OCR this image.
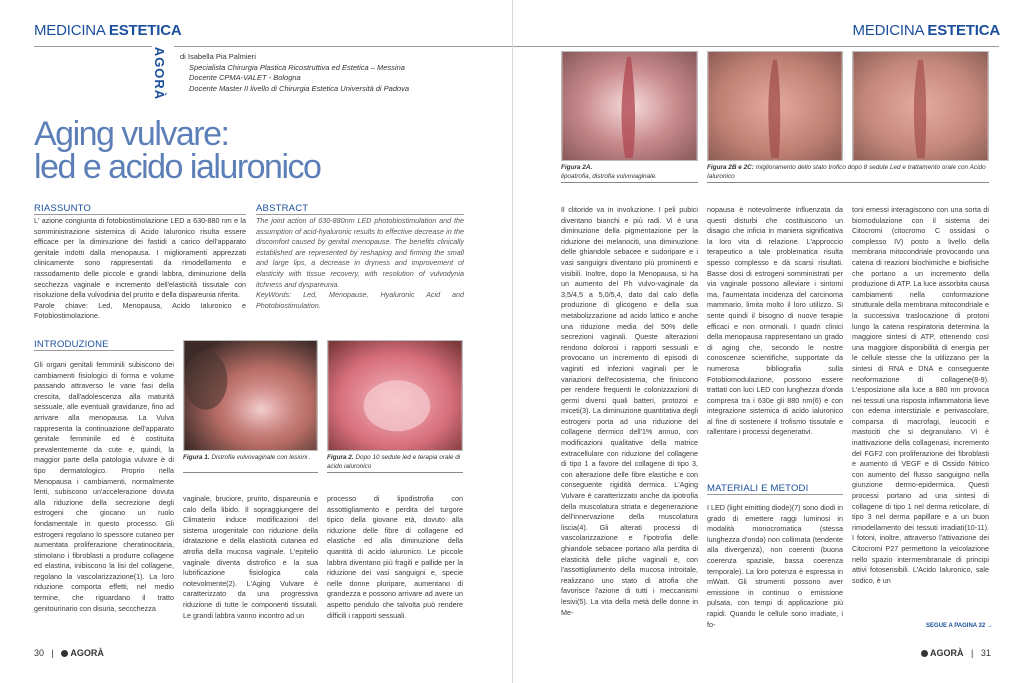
MEDICINA ESTETICA
AGORÀ di Isabella Pia Palmieri
Specialista Chirurgia Plastica Ricostruttiva ed Estetica – Messina
Docente CPMA-VALET - Bologna
Docente Master II livello di Chirurgia Estetica Università di Padova
Aging vulvare:
led e acido ialuronico
RIASSUNTO

L' azione congiunta di fotobiostimolazione LED a 630-880 nm e la somministrazione sistemica di Acido Ialuronico risulta essere efficace per la diminuzione dei fastidi a carico dell'apparato genitale indotti dalla menopausa. I miglioramenti apprezzati clinicamente sono rappresentati da rimodellamento e rassodamento delle piccole e grandi labbra, diminuzione della secchezza vaginale e incremento dell'elasticità tissutale con risoluzione della vulvodinia del prurito e della dispareunia riferita.

Parole chiave: Led, Menopausa, Acido Ialuronico e Fotobiostimolazione.

ABSTRACT

The joint action of 630-880nm LED photobiostimulation and the assumption of acid-hyaluronic results to effective decrease in the discomfort caused by genital menopause. The benefits clinically established are represented by reshaping and firming the small and large lips, a decrease in dryness and improvement of elasticity with tissue recovery, with resolution of vulvodynia itchness and dyspareunia.

KeyWords: Led, Menopause, Hyaluronic Acid and Photobiostimulation.

INTRODUZIONE
Figura 1. Distrofia vulvovaginale con lesioni .	Figura 2. Dopo 10 sedute led e terapia orale di acido ialuronico
Gli organi genitali femminili subiscono dei cambiamenti fisiologici di forma e volume passando attraverso le varie fasi della crescita, dall'adolescenza alla maturità sessuale, alle eventuali gravidanze, fino ad arrivare alla menopausa. La Vulva rappresenta la continuazione dell'apparato genitale femminile ed è costituita prevalentemente da cute e, quindi, la maggior parte della patologia vulvare è di tipo dermatologico. Proprio nella Menopausa i cambiamenti, normalmente lenti, subiscono un'accelerazione dovuta alla riduzione della secrezione degli estrogeni che giocano un ruolo fondamentale in questo processo. Gli estrogeni regolano lo spessore cutaneo per aumentata proliferazione cheratinocitaria, stimolano i fibroblasti a produrre collagene ed elastina, inibiscono la lisi del collagene, regolano la vascolarizzazione(1). La loro riduzione comporta effetti, nel medio termine, che riguardano il tratto genitourinario con disuria, seccchezza
vaginale, bruciore, prurito, dispareunia e calo della libido. Il sopraggiungere del Climaterio induce modificazioni del sistema urogenitale con riduzione della idratazione e della elasticità cutanea ed atrofia della mucosa vaginale. L'epitelio vaginale diventa distrofico e la sua lubrificazione fisiologica cala notevolmente(2). L'Aging Vulvare è caratterizzato da una progressiva riduzione di tutte le componenti tissutali. Le grandi labbra vanno incontro ad un
processo di lipodistrofia con assottigliamento e perdita del turgore tipico della giovane età, dovuto alla riduzione delle fibre di collagene ed elastiche ed alla diminuzione della quantità di acido ialuronico. Le piccole labbra diventano più fragili e pallide per la riduzione dei vasi sanguigni e, specie nelle donne pluripare, aumentano di grandezza e possono arrivare ad avere un aspetto pendulo che talvolta può rendere difficili i rapporti sessuali.
30 | AGORÀ
MEDICINA ESTETICA
Figura 2A.
lipoatrofia, distrofia vulvovaginale.
Figura 2B e 2C: miglioramento dello stato trofico dopo 8 sedute Led e trattamento orale con Acido Ialuronico
Il clitoride va in involuzione. I peli pubici diventano bianchi e più radi. Vi è una diminuzione della pigmentazione per la riduzione dei melanociti, una diminuzione delle ghiandole sebacee e sudoripare e i vasi sanguigni diventano più prominenti e visibili. Inoltre, dopo la Menopausa, si ha un aumento del Ph vulvo-vaginale da 3,5/4,5 a 5,0/5,4, dato dal calo della produzione di glicogeno e della sua metabolizzazione ad acido lattico e anche una riduzione media del 50% delle secrezioni vaginali. Queste alterazioni rendono dolorosi i rapporti sessuali e provocano un incremento di episodi di vaginiti ed infezioni vaginali per le variazioni dell'ecosistema, che finiscono per rendere frequenti le colonizzazioni di germi diversi quali batteri, protozoi e miceti(3). La diminuzione quantitativa degli estrogeni porta ad una riduzione del collagene dermico dell'1% annuo, con modificazioni qualitative della matrice extracellulare con riduzione del collagene di tipo 1 a favore del collagene di tipo 3, con alterazione delle fibre elastiche e con conseguente rigidità dermica. L'Aging Vulvare è caratterizzato anche da ipotrofia della muscolatura striata e degenerazione dell'innervazione della muscolatura liscia(4). Gli alterati processi di vascolarizzazione e l'ipotrofia delle ghiandole sebacee portano alla perdita di elasticità delle pliche vaginali e, con l'assottigliamento della mucosa introitale, realizzano uno stato di atrofia che favorisce l'azione di tutti i meccanismi lesivi(5). La vita della metà delle donne in Me-
nopausa è notevolmente influenzata da questi disturbi che costituiscono un disagio che inficia in maniera significativa la loro vita di relazione. L'approccio terapeutico a tale problematica risulta spesso complesso e dà scarsi risultati. Basse dosi di estrogeni somministrati per via vaginale possono alleviare i sintomi ma, l'aumentata incidenza del carcinoma mammario, limita molto il loro utilizzo. Si sente quindi il bisogno di nuove terapie efficaci e non ormonali. I quadri clinici della menopausa rappresentano un grado di aging che, secondo le nostre conoscenze scientifiche, supportate da numerosa bibliografia sulla Fotobiomodulazione, possono essere trattati con luci LED con lunghezza d'onda compresa tra i 630e gli 880 nm(6) e con integrazione sistemica di acido ialuronico al fine di sostenere il trofismo tissutale e rallentare i processi degenerativi.
MATERIALI E METODI
I LED (light emitting diode)(7) sono diodi in grado di emettere raggi luminosi in modalità monocromatica (stessa lunghezza d'onda) non collimata (tendente alla divergenza), non coerenti (buona coerenza spaziale, bassa coerenza temporale). La loro potenza è espressa in mWatt. Gli strumenti possono aver emissione in continuo o emissione pulsata, con tempi di applicazione più rapidi. Quando le cellule sono irradiate, i fo-
toni emessi interagiscono con una sorta di biomodulazione con il sistema dei Citocromi (citocromo C ossidasi o complesso IV) posto a livello della membrana mitocondriale provocando una catena di reazioni biochimiche e biofisiche che portano a un incremento della produzione di ATP. La luce assorbita causa cambiamenti nella conformazione strutturale della membrana mitocondriale e la successiva traslocazione di protoni lungo la catena respiratoria determina la maggiore sintesi di ATP, ottenendo così una maggiore disponibilità di energia per le cellule stesse che la utilizzano per la sintesi di RNA e DNA e conseguente neoformazione di collagene(8-9). L'esposizione alla luce a 880 nm provoca nei tessuti una risposta inflammatoria lieve con edema interstiziale e perivascolare, comparsa di macrofagi, leucociti e mastociti che si degranulano. Vi è inattivazione della collagenasi, incremento del FGF2 con proliferazione dei fibroblasti e aumento di VEGF e di Ossido Nitrico con aumento del flusso sanguigno nella giunzione dermo-epidermica. Questi processi portano ad una sintesi di collagene di tipo 1 nel derma reticolare, di tipo 3 nel derma papillare e a un buon rimodellamento dei tessuti irradiati(10-11). I fotoni, inoltre, attraverso l'attivazione dei Citocromi P27 permettono la veicolazione nello spazio intermembranale di principi attivi fotosensibili. L'Acido Ialuronico, sale sodico, è un
SEGUE A PAGINA 32 →
AGORÀ | 31
